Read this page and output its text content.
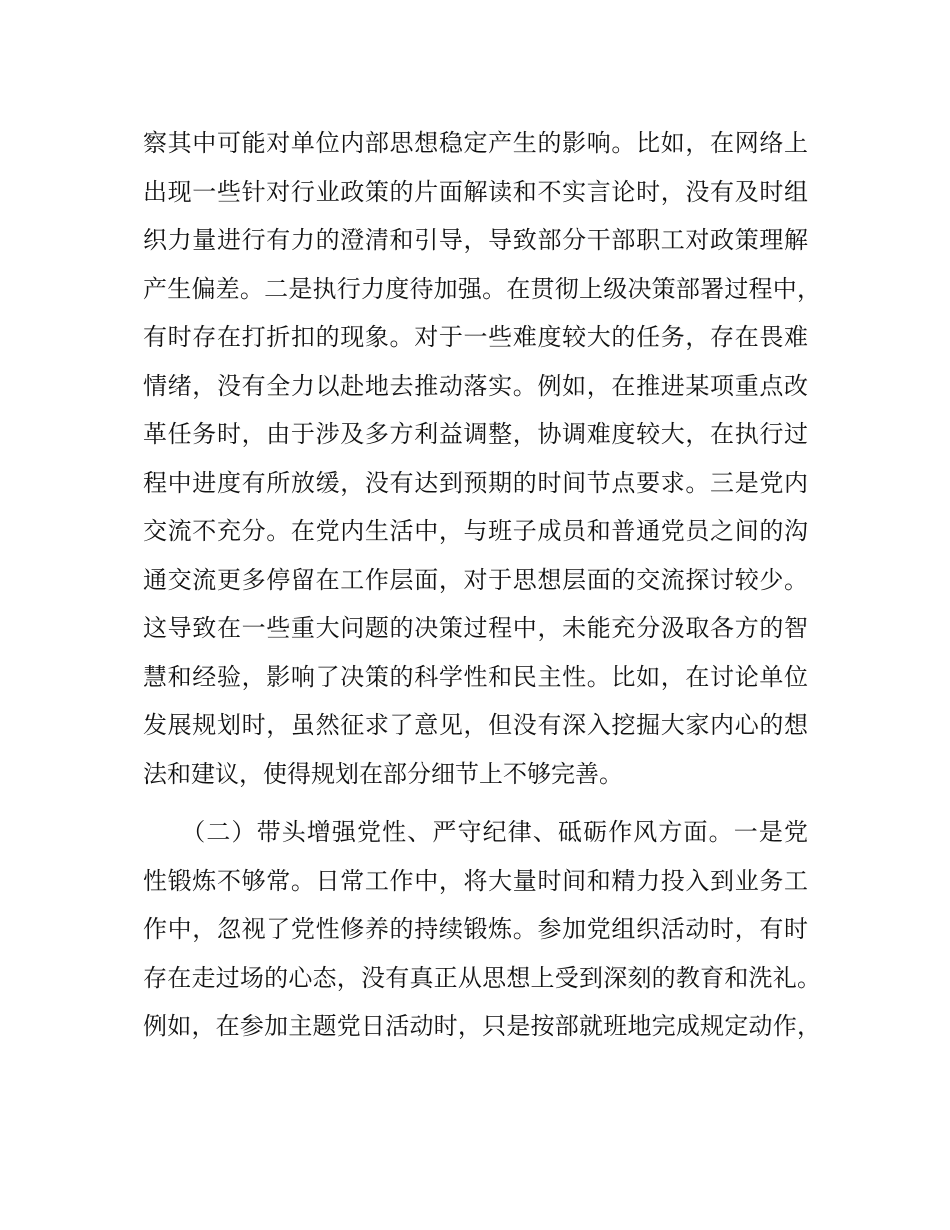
察其中可能对单位内部思想稳定产生的影响。比如，在网络上
出现一些针对行业政策的片面解读和不实言论时，没有及时组
织力量进行有力的澄清和引导，导致部分干部职工对政策理解
产生偏差。二是执行力度待加强。在贯彻上级决策部署过程中，
有时存在打折扣的现象。对于一些难度较大的任务，存在畏难
情绪，没有全力以赴地去推动落实。例如，在推进某项重点改
革任务时，由于涉及多方利益调整，协调难度较大，在执行过
程中进度有所放缓，没有达到预期的时间节点要求。三是党内
交流不充分。在党内生活中，与班子成员和普通党员之间的沟
通交流更多停留在工作层面，对于思想层面的交流探讨较少。
这导致在一些重大问题的决策过程中，未能充分汲取各方的智
慧和经验，影响了决策的科学性和民主性。比如，在讨论单位
发展规划时，虽然征求了意见，但没有深入挖掘大家内心的想
法和建议，使得规划在部分细节上不够完善。
　　（二）带头增强党性、严守纪律、砥砺作风方面。一是党
性锻炼不够常。日常工作中，将大量时间和精力投入到业务工
作中，忽视了党性修养的持续锻炼。参加党组织活动时，有时
存在走过场的心态，没有真正从思想上受到深刻的教育和洗礼。
例如，在参加主题党日活动时，只是按部就班地完成规定动作，
